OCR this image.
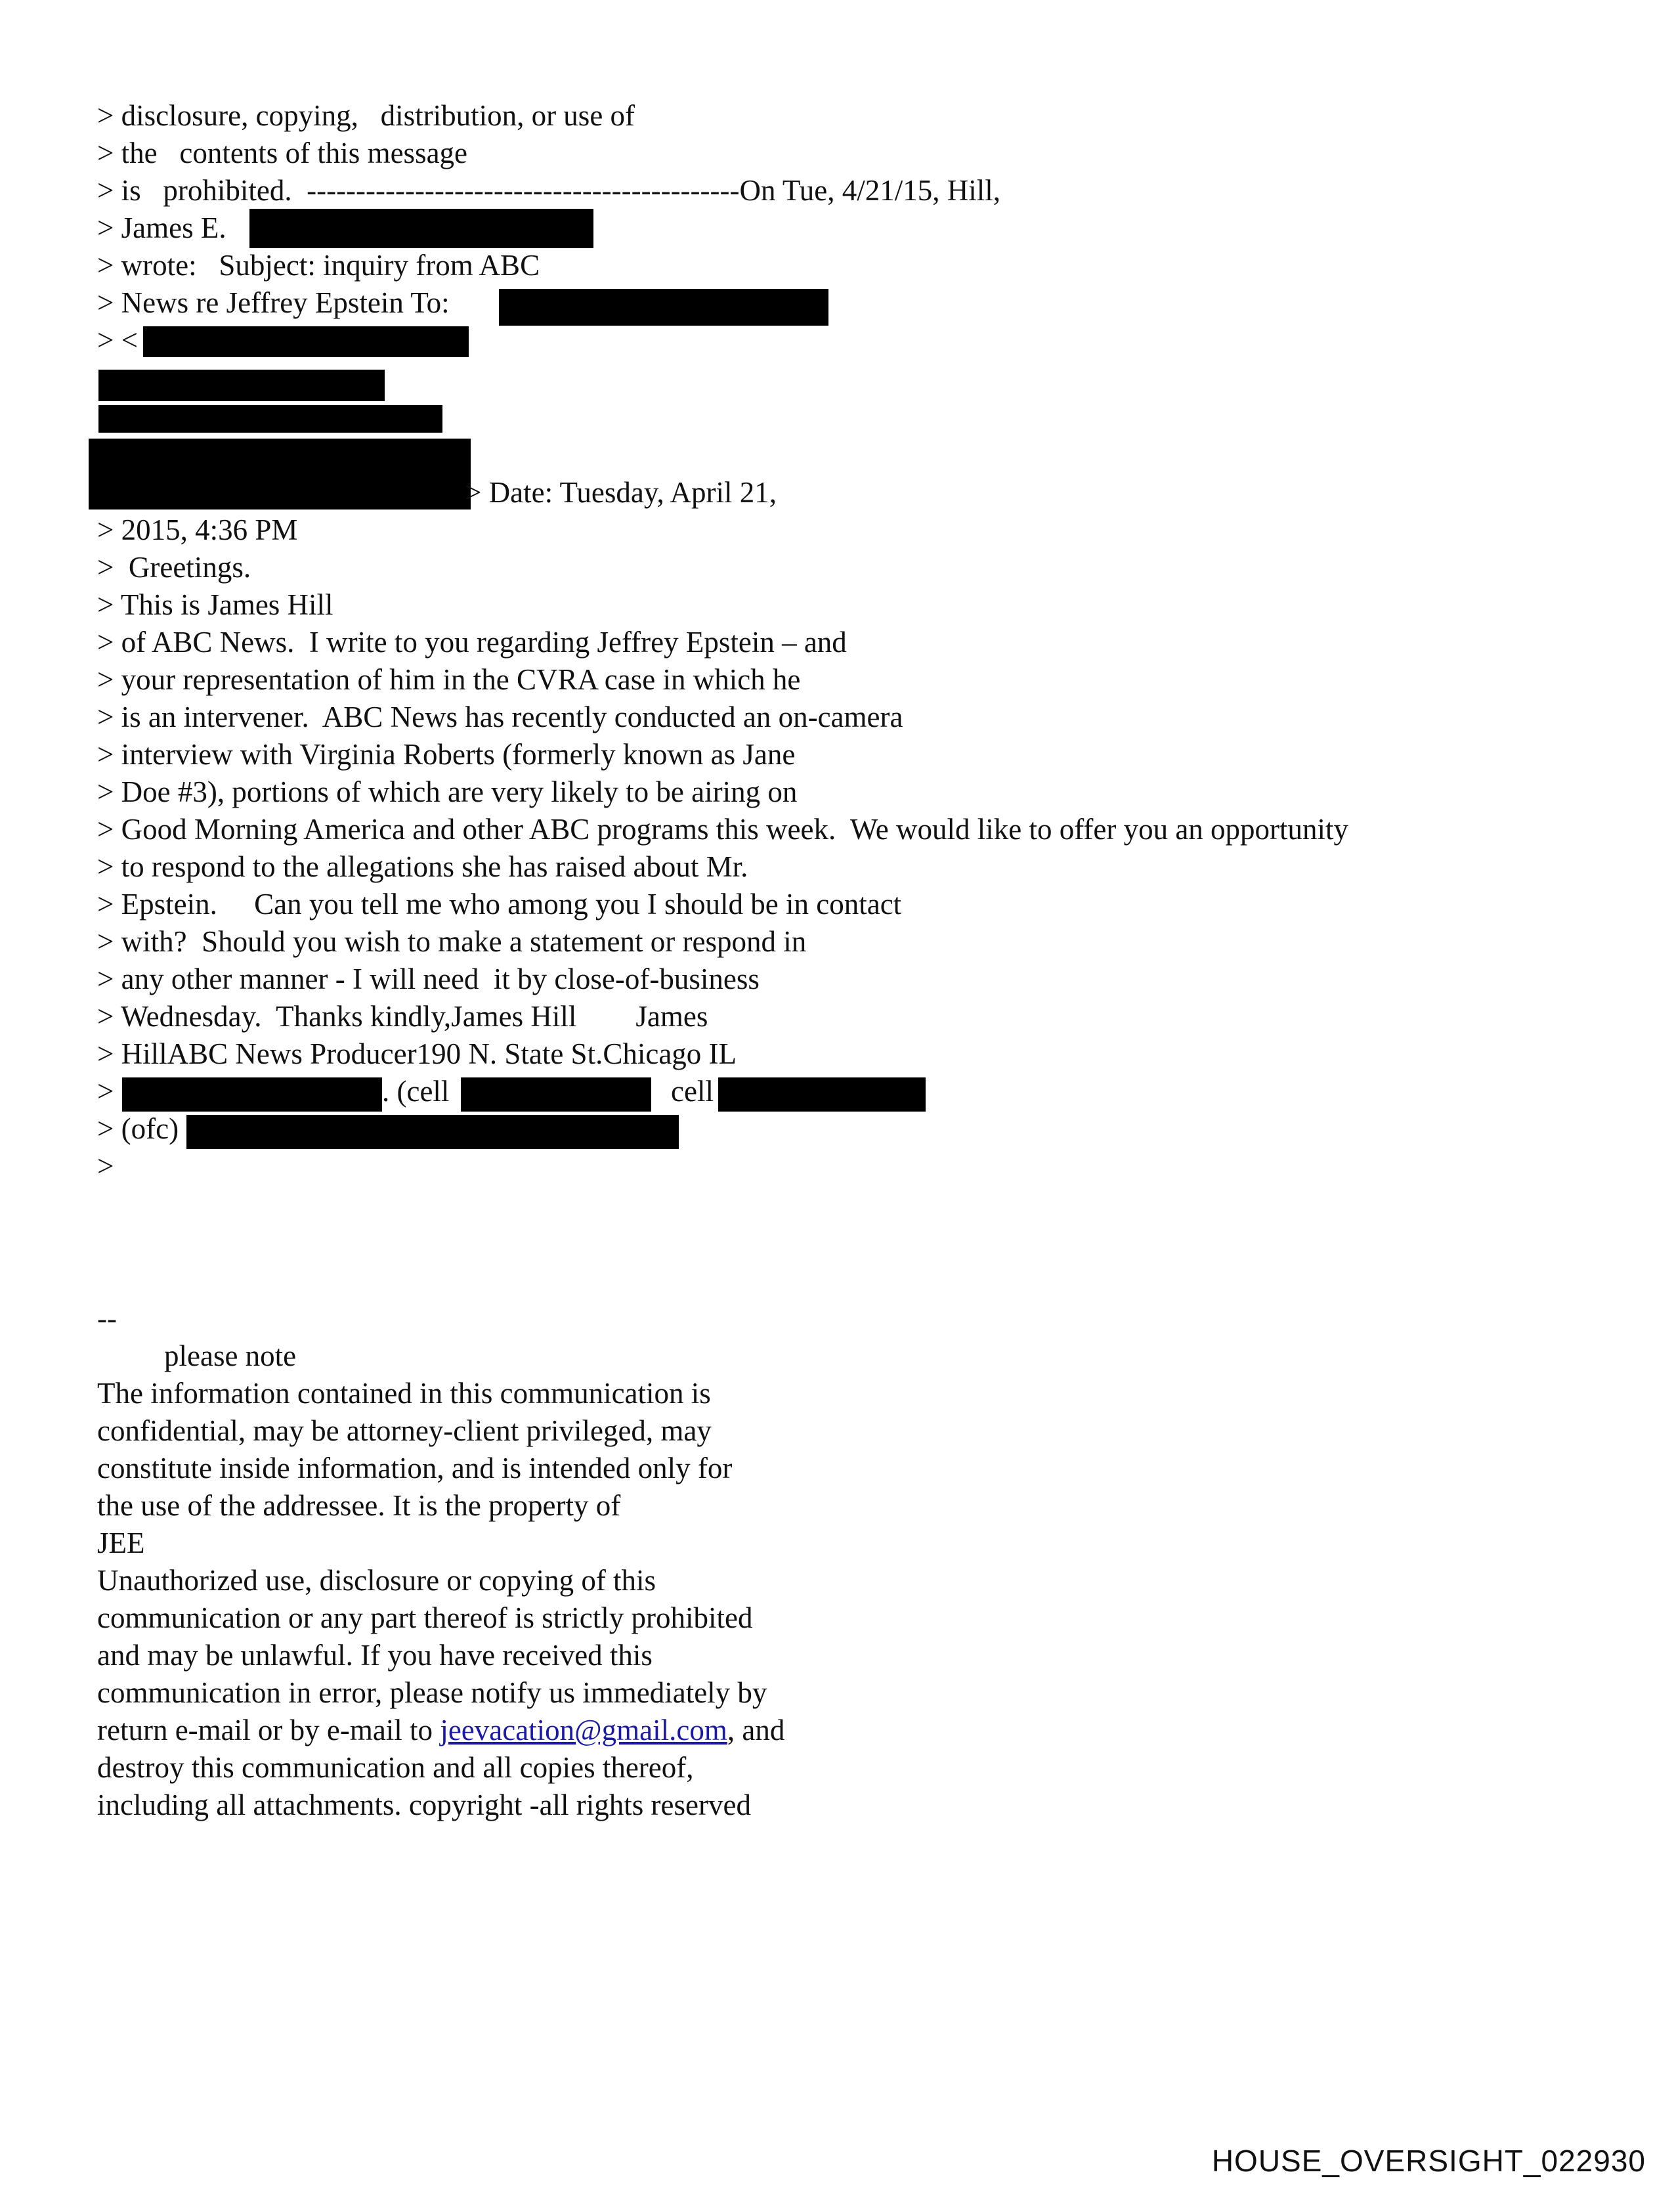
> disclosure, copying,   distribution, or use of

> the   contents of this message

> is   prohibited.  --------------------------------------------On Tue, 4/21/15, Hill,

> James E.

> wrote:   Subject: inquiry from ABC

> News re Jeffrey Epstein To:

> <

> Date: Tuesday, April 21,

> 2015, 4:36 PM

>  Greetings.

> This is James Hill

> of ABC News.  I write to you regarding Jeffrey Epstein – and

> your representation of him in the CVRA case in which he

> is an intervener.  ABC News has recently conducted an on-camera

> interview with Virginia Roberts (formerly known as Jane

> Doe #3), portions of which are very likely to be airing on

> Good Morning America and other ABC programs this week.  We would like to offer you an opportunity

> to respond to the allegations she has raised about Mr.

> Epstein.     Can you tell me who among you I should be in contact

> with?  Should you wish to make a statement or respond in

> any other manner - I will need  it by close-of-business

> Wednesday.  Thanks kindly,James Hill        James

> HillABC News Producer190 N. State St.Chicago IL

>	. (cell	cell

> (ofc)

>

--

please note

The information contained in this communication is

confidential, may be attorney-client privileged, may

constitute inside information, and is intended only for

the use of the addressee. It is the property of

JEE

Unauthorized use, disclosure or copying of this

communication or any part thereof is strictly prohibited

and may be unlawful. If you have received this

communication in error, please notify us immediately by

return e-mail or by e-mail to jeevacation@gmail.com, and

destroy this communication and all copies thereof,

including all attachments. copyright -all rights reserved

HOUSE_OVERSIGHT_022930
